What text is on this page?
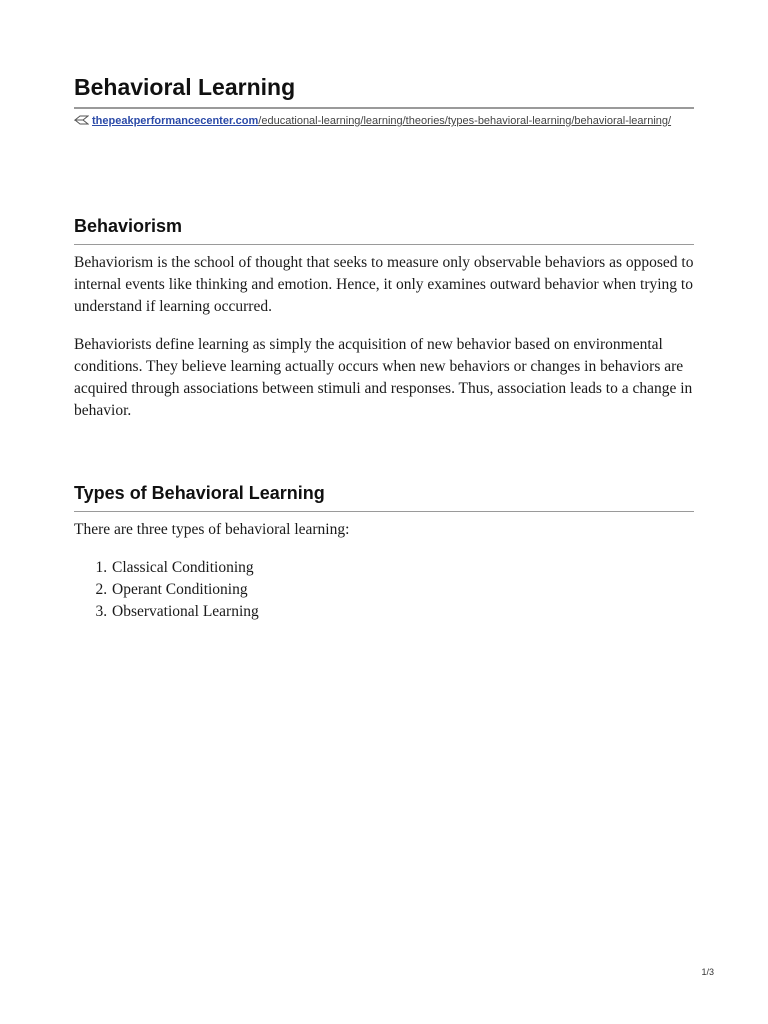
Behavioral Learning
thepeakperformancecenter.com/educational-learning/learning/theories/types-behavioral-learning/behavioral-learning/
Behaviorism

Behaviorism is the school of thought that seeks to measure only observable behaviors as opposed to internal events like thinking and emotion. Hence, it only examines outward behavior when trying to understand if learning occurred.

Behaviorists define learning as simply the acquisition of new behavior based on environmental conditions. They believe learning actually occurs when new behaviors or changes in behaviors are acquired through associations between stimuli and responses. Thus, association leads to a change in behavior.

Types of Behavioral Learning

There are three types of behavioral learning:

1. Classical Conditioning
2. Operant Conditioning
3. Observational Learning
1/3
